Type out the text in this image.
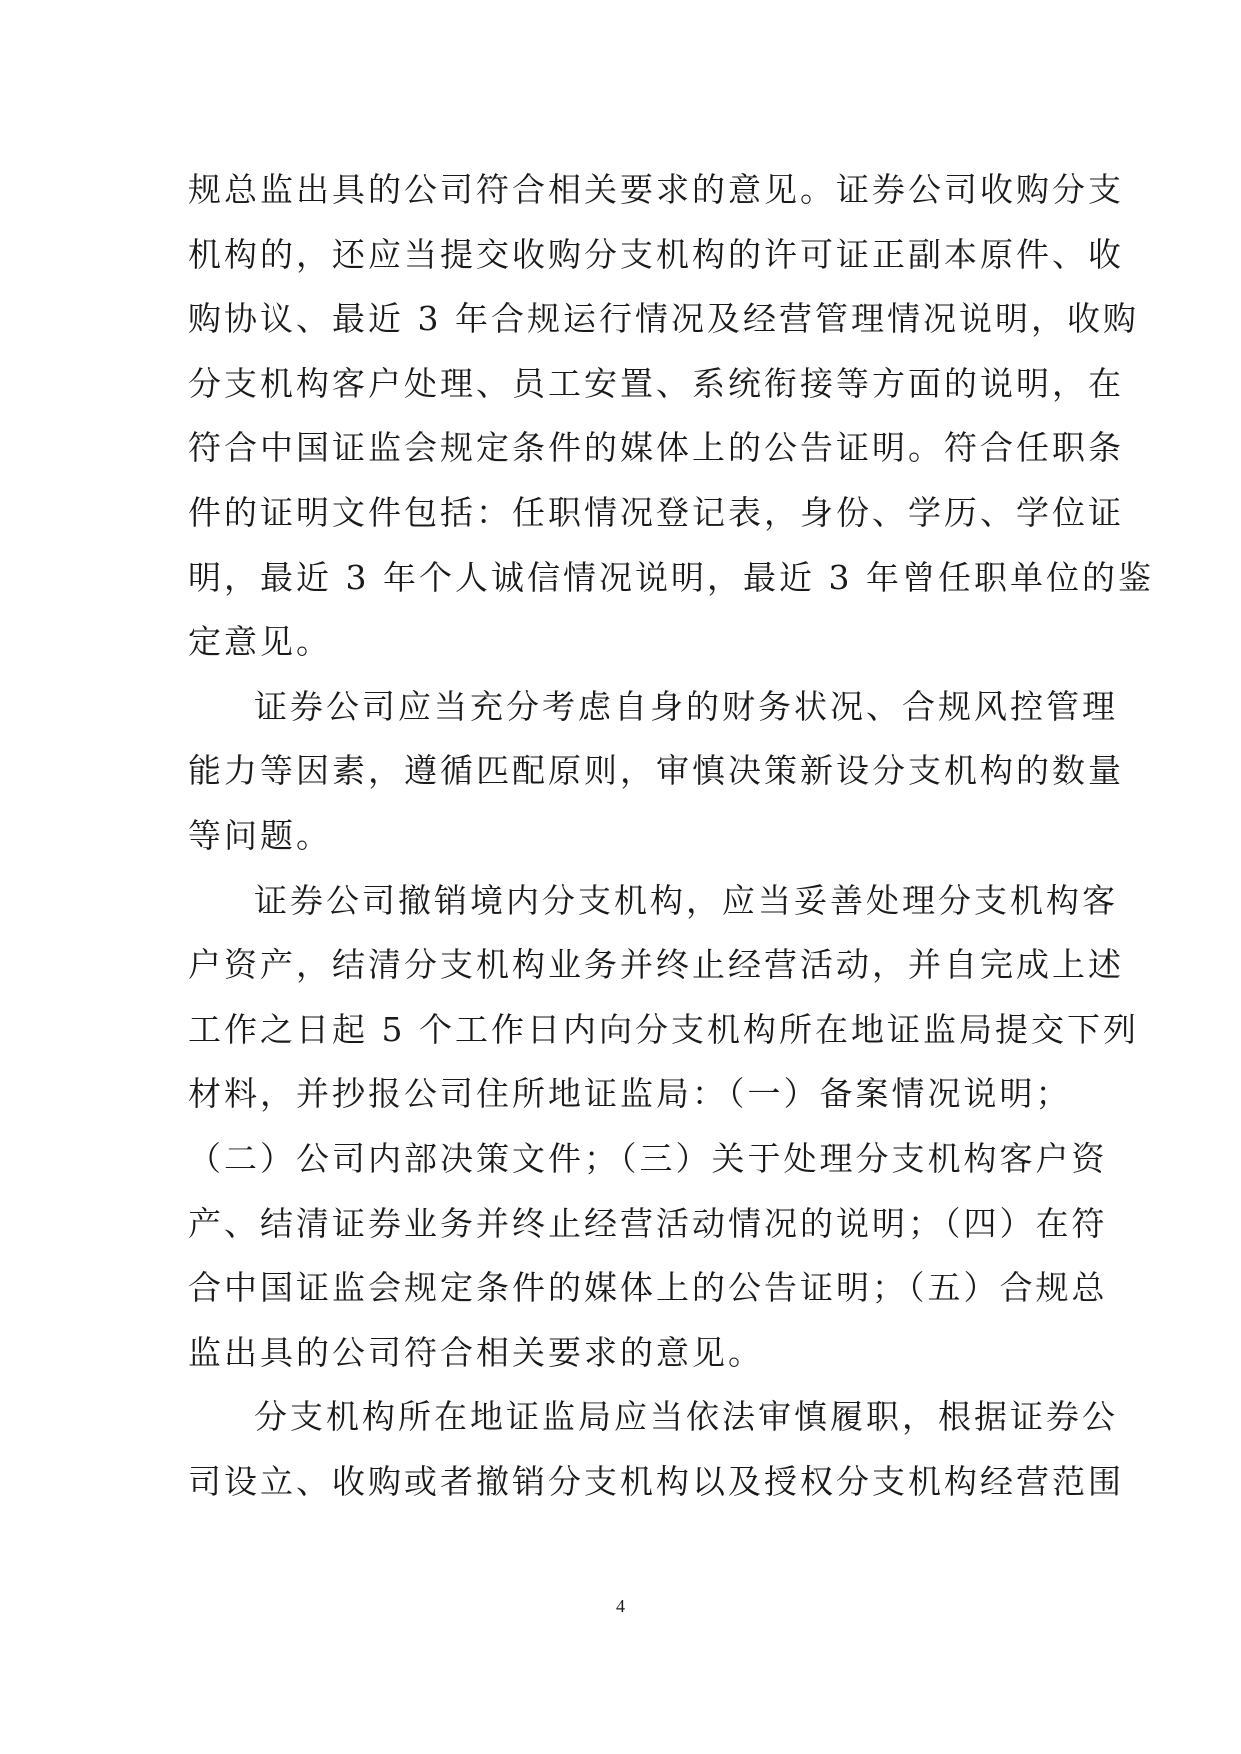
规总监出具的公司符合相关要求的意见。证券公司收购分支
机构的，还应当提交收购分支机构的许可证正副本原件、收
购协议、最近 3 年合规运行情况及经营管理情况说明，收购
分支机构客户处理、员工安置、系统衔接等方面的说明，在
符合中国证监会规定条件的媒体上的公告证明。符合任职条
件的证明文件包括：任职情况登记表，身份、学历、学位证
明，最近 3 年个人诚信情况说明，最近 3 年曾任职单位的鉴
定意见。
证券公司应当充分考虑自身的财务状况、合规风控管理
能力等因素，遵循匹配原则，审慎决策新设分支机构的数量
等问题。
证券公司撤销境内分支机构，应当妥善处理分支机构客
户资产，结清分支机构业务并终止经营活动，并自完成上述
工作之日起 5 个工作日内向分支机构所在地证监局提交下列
材料，并抄报公司住所地证监局：（一）备案情况说明；
（二）公司内部决策文件；（三）关于处理分支机构客户资
产、结清证券业务并终止经营活动情况的说明；（四）在符
合中国证监会规定条件的媒体上的公告证明；（五）合规总
监出具的公司符合相关要求的意见。
分支机构所在地证监局应当依法审慎履职，根据证券公
司设立、收购或者撤销分支机构以及授权分支机构经营范围
4
